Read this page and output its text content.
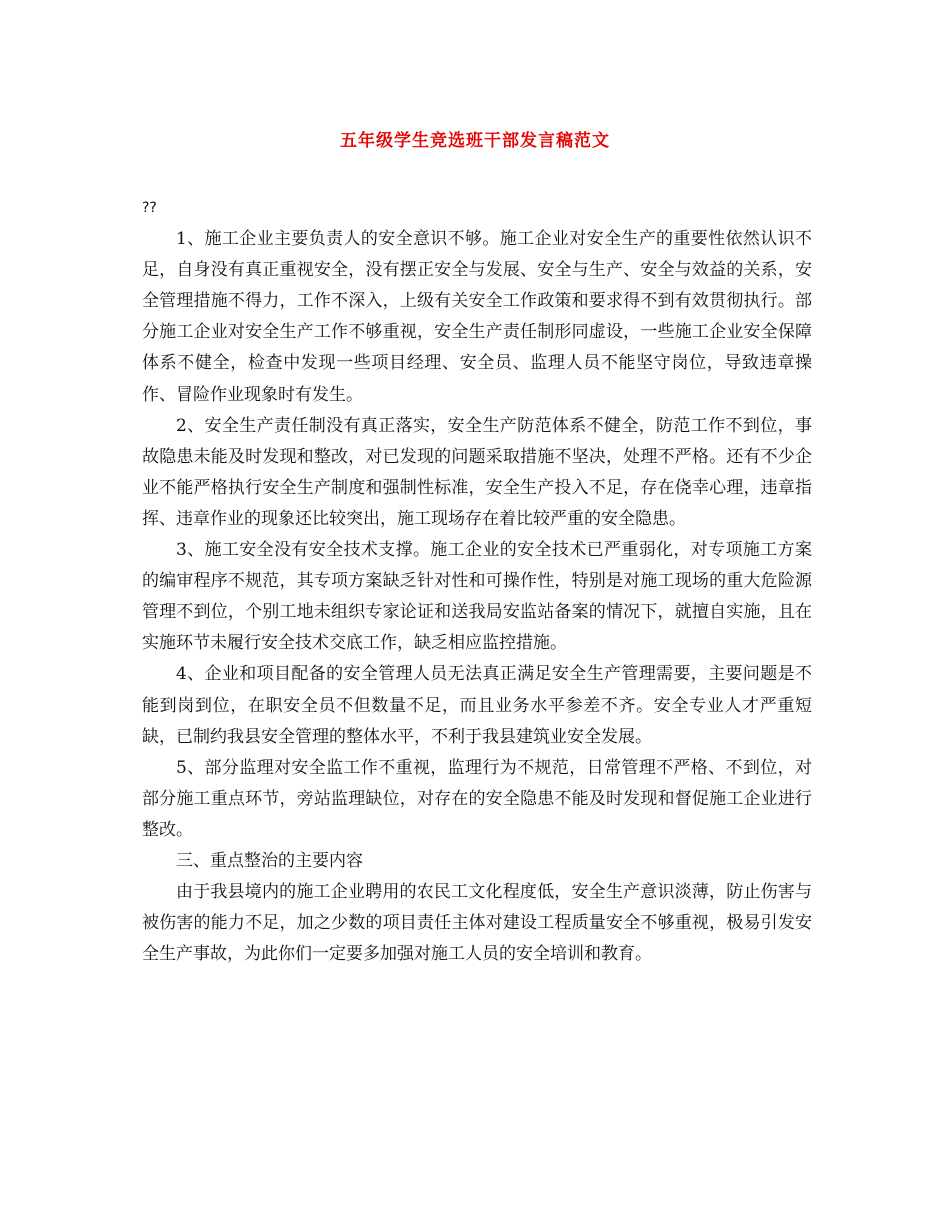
五年级学生竞选班干部发言稿范文

??

1、施工企业主要负责人的安全意识不够。施工企业对安全生产的重要性依然认识不足，自身没有真正重视安全，没有摆正安全与发展、安全与生产、安全与效益的关系，安全管理措施不得力，工作不深入，上级有关安全工作政策和要求得不到有效贯彻执行。部分施工企业对安全生产工作不够重视，安全生产责任制形同虚设，一些施工企业安全保障体系不健全，检查中发现一些项目经理、安全员、监理人员不能坚守岗位，导致违章操作、冒险作业现象时有发生。

2、安全生产责任制没有真正落实，安全生产防范体系不健全，防范工作不到位，事故隐患未能及时发现和整改，对已发现的问题采取措施不坚决，处理不严格。还有不少企业不能严格执行安全生产制度和强制性标准，安全生产投入不足，存在侥幸心理，违章指挥、违章作业的现象还比较突出，施工现场存在着比较严重的安全隐患。

3、施工安全没有安全技术支撑。施工企业的安全技术已严重弱化，对专项施工方案的编审程序不规范，其专项方案缺乏针对性和可操作性，特别是对施工现场的重大危险源管理不到位，个别工地未组织专家论证和送我局安监站备案的情况下，就擅自实施，且在实施环节未履行安全技术交底工作，缺乏相应监控措施。

4、企业和项目配备的安全管理人员无法真正满足安全生产管理需要，主要问题是不能到岗到位，在职安全员不但数量不足，而且业务水平参差不齐。安全专业人才严重短缺，已制约我县安全管理的整体水平，不利于我县建筑业安全发展。

5、部分监理对安全监工作不重视，监理行为不规范，日常管理不严格、不到位，对部分施工重点环节，旁站监理缺位，对存在的安全隐患不能及时发现和督促施工企业进行整改。

三、重点整治的主要内容

由于我县境内的施工企业聘用的农民工文化程度低，安全生产意识淡薄，防止伤害与被伤害的能力不足，加之少数的项目责任主体对建设工程质量安全不够重视，极易引发安全生产事故，为此你们一定要多加强对施工人员的安全培训和教育。
